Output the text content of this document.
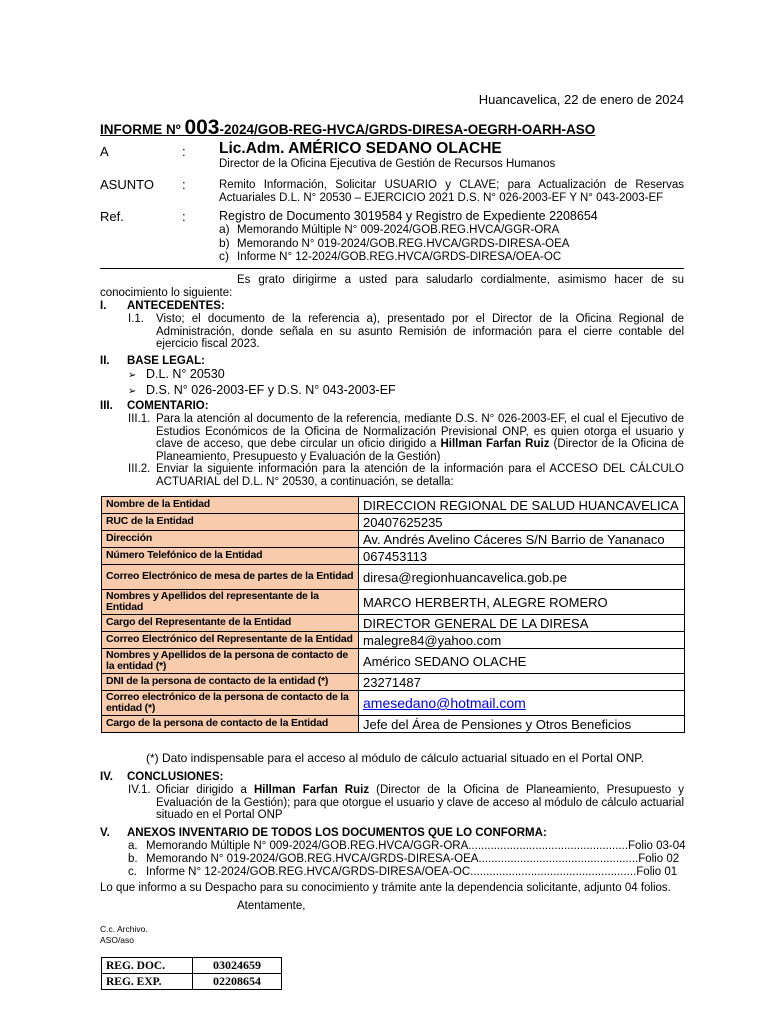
Huancavelica, 22 de enero de 2024
INFORME Nº 003-2024/GOB-REG-HVCA/GRDS-DIRESA-OEGRH-OARH-ASO
A	: Lic.Adm. AMÉRICO SEDANO OLACHE
Director de la Oficina Ejecutiva de Gestión de Recursos Humanos
ASUNTO :	Remito Información, Solicitar USUARIO y CLAVE; para Actualización de Reservas Actuariales D.L. N° 20530 – EJERCICIO 2021 D.S. N° 026-2003-EF Y N° 043-2003-EF
Ref.	:	Registro de Documento 3019584 y Registro de Expediente 2208654
a) Memorando Múltiple N° 009-2024/GOB.REG.HVCA/GGR-ORA
b) Memorando N° 019-2024/GOB.REG.HVCA/GRDS-DIRESA-OEA
c) Informe N° 12-2024/GOB.REG.HVCA/GRDS-DIRESA/OEA-OC
Es grato dirigirme a usted para saludarlo cordialmente, asimismo hacer de su conocimiento lo siguiente:
I. ANTECEDENTES:
I.1.	Visto; el documento de la referencia a), presentado por el Director de la Oficina Regional de Administración, donde señala en su asunto Remisión de información para el cierre contable del ejercicio fiscal 2023.
II. BASE LEGAL:
➢ D.L. N° 20530
➢ D.S. N° 026-2003-EF y D.S. N° 043-2003-EF
III. COMENTARIO:
III.1. Para la atención al documento de la referencia, mediante D.S. N° 026-2003-EF, el cual el Ejecutivo de Estudios Económicos de la Oficina de Normalización Previsional ONP, es quien otorga el usuario y clave de acceso, que debe circular un oficio dirigido a Hillman Farfan Ruiz (Director de la Oficina de Planeamiento, Presupuesto y Evaluación de la Gestión)
III.2. Enviar la siguiente información para la atención de la información para el ACCESO DEL CÁLCULO ACTUARIAL del D.L. N° 20530, a continuación, se detalla:
Nombre de la Entidad	DIRECCION REGIONAL DE SALUD HUANCAVELICA
RUC de la Entidad	20407625235
Dirección	Av. Andrés Avelino Cáceres S/N Barrio de Yananaco
Número Telefónico de la Entidad	067453113
Correo Electrónico de mesa de partes de la Entidad	diresa@regionhuancavelica.gob.pe
Nombres y Apellidos del representante de la Entidad	MARCO HERBERTH, ALEGRE ROMERO
Cargo del Representante de la Entidad	DIRECTOR GENERAL DE LA DIRESA
Correo Electrónico del Representante de la Entidad	malegre84@yahoo.com
Nombres y Apellidos de la persona de contacto de la entidad (*)	Américo SEDANO OLACHE
DNI de la persona de contacto de la entidad (*)	23271487
Correo electrónico de la persona de contacto de la entidad (*)	amesedano@hotmail.com
Cargo de la persona de contacto de la Entidad	Jefe del Área de Pensiones y Otros Beneficios
(*) Dato indispensable para el acceso al módulo de cálculo actuarial situado en el Portal ONP.
IV. CONCLUSIONES:
IV.1. Oficiar dirigido a Hillman Farfan Ruiz (Director de la Oficina de Planeamiento, Presupuesto y Evaluación de la Gestión); para que otorgue el usuario y clave de acceso al módulo de cálculo actuarial situado en el Portal ONP
V. ANEXOS INVENTARIO DE TODOS LOS DOCUMENTOS QUE LO CONFORMA:
a. Memorando Múltiple N° 009-2024/GOB.REG.HVCA/GGR-ORA..................................................Folio 03-04
b. Memorando N° 019-2024/GOB.REG.HVCA/GRDS-DIRESA-OEA..................................................Folio 02
c. Informe N° 12-2024/GOB.REG.HVCA/GRDS-DIRESA/OEA-OC....................................................Folio 01
Lo que informo a su Despacho para su conocimiento y trámite ante la dependencia solicitante, adjunto 04 folios.
Atentamente,
C.c. Archivo.
ASO/aso
REG. DOC.	03024659
REG. EXP.	02208654
